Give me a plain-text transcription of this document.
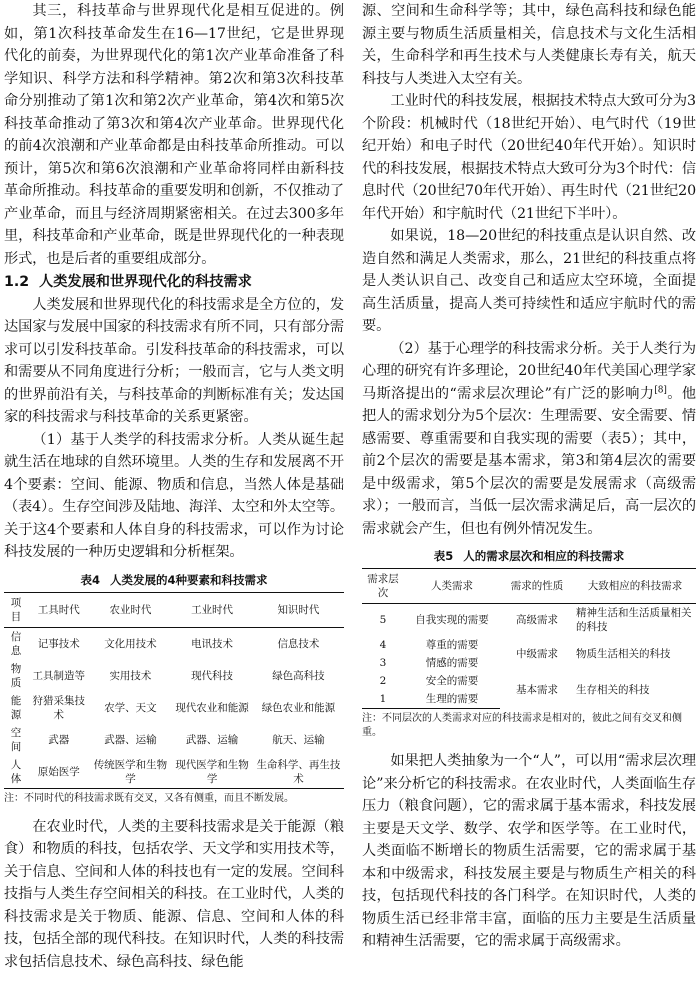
其三，科技革命与世界现代化是相互促进的。例如，第1次科技革命发生在16—17世纪，它是世界现代化的前奏，为世界现代化的第1次产业革命准备了科学知识、科学方法和科学精神。第2次和第3次科技革命分别推动了第1次和第2次产业革命，第4次和第5次科技革命推动了第3次和第4次产业革命。世界现代化的前4次浪潮和产业革命都是由科技革命所推动。可以预计，第5次和第6次浪潮和产业革命将同样由新科技革命所推动。科技革命的重要发明和创新，不仅推动了产业革命，而且与经济周期紧密相关。在过去300多年里，科技革命和产业革命，既是世界现代化的一种表现形式，也是后者的重要组成部分。

1.2 人类发展和世界现代化的科技需求

人类发展和世界现代化的科技需求是全方位的，发达国家与发展中国家的科技需求有所不同，只有部分需求可以引发科技革命。引发科技革命的科技需求，可以和需要从不同角度进行分析；一般而言，它与人类文明的世界前沿有关，与科技革命的判断标准有关；发达国家的科技需求与科技革命的关系更紧密。

（1）基于人类学的科技需求分析。人类从诞生起就生活在地球的自然环境里。人类的生存和发展离不开4个要素：空间、能源、物质和信息，当然人体是基础（表4）。生存空间涉及陆地、海洋、太空和外太空等。关于这4个要素和人体自身的科技需求，可以作为讨论科技发展的一种历史逻辑和分析框架。

表4 人类发展的4种要素和科技需求
项目	工具时代	农业时代	工业时代	知识时代
信息	记事技术	文化用技术	电讯技术	信息技术
物质	工具制造等	实用技术	现代科技	绿色高科技
能源	狩猎采集技术	农学、天文	现代农业和能源	绿色农业和能源
空间	武器	武器、运输	武器、运输	航天、运输
人体	原始医学	传统医学和生物学	现代医学和生物学	生命科学、再生技术
注：不同时代的科技需求既有交叉，又各有侧重，而且不断发展。

在农业时代，人类的主要科技需求是关于能源（粮食）和物质的科技，包括农学、天文学和实用技术等，关于信息、空间和人体的科技也有一定的发展。空间科技指与人类生存空间相关的科技。在工业时代，人类的科技需求是关于物质、能源、信息、空间和人体的科技，包括全部的现代科技。在知识时代，人类的科技需求包括信息技术、绿色高科技、绿色能

源、空间和生命科学等；其中，绿色高科技和绿色能源主要与物质生活质量相关，信息技术与文化生活相关，生命科学和再生技术与人类健康长寿有关，航天科技与人类进入太空有关。

工业时代的科技发展，根据技术特点大致可分为3个阶段：机械时代（18世纪开始）、电气时代（19世纪开始）和电子时代（20世纪40年代开始）。知识时代的科技发展，根据技术特点大致可分为3个时代：信息时代（20世纪70年代开始）、再生时代（21世纪20年代开始）和宇航时代（21世纪下半叶）。

如果说，18—20世纪的科技重点是认识自然、改造自然和满足人类需求，那么，21世纪的科技重点将是人类认识自己、改变自己和适应太空环境，全面提高生活质量，提高人类可持续性和适应宇航时代的需要。

（2）基于心理学的科技需求分析。关于人类行为心理的研究有许多理论，20世纪40年代美国心理学家马斯洛提出的“需求层次理论”有广泛的影响力[8]。他把人的需求划分为5个层次：生理需要、安全需要、情感需要、尊重需要和自我实现的需要（表5）；其中，前2个层次的需要是基本需求，第3和第4层次的需要是中级需求，第5个层次的需要是发展需求（高级需求）；一般而言，当低一层次需求满足后，高一层次的需求就会产生，但也有例外情况发生。

表5 人的需求层次和相应的科技需求
需求层次	人类需求	需求的性质	大致相应的科技需求
5	自我实现的需要	高级需求	精神生活和生活质量相关的科技
4	尊重的需要	中级需求	物质生活相关的科技
3	情感的需要		
2	安全的需要	基本需求	生存相关的科技
1	生理的需要		
注：不同层次的人类需求对应的科技需求是相对的，彼此之间有交叉和侧重。

如果把人类抽象为一个“人”，可以用“需求层次理论”来分析它的科技需求。在农业时代，人类面临生存压力（粮食问题），它的需求属于基本需求，科技发展主要是天文学、数学、农学和医学等。在工业时代，人类面临不断增长的物质生活需要，它的需求属于基本和中级需求，科技发展主要是与物质生产相关的科技，包括现代科技的各门科学。在知识时代，人类的物质生活已经非常丰富，面临的压力主要是生活质量和精神生活需要，它的需求属于高级需求。
